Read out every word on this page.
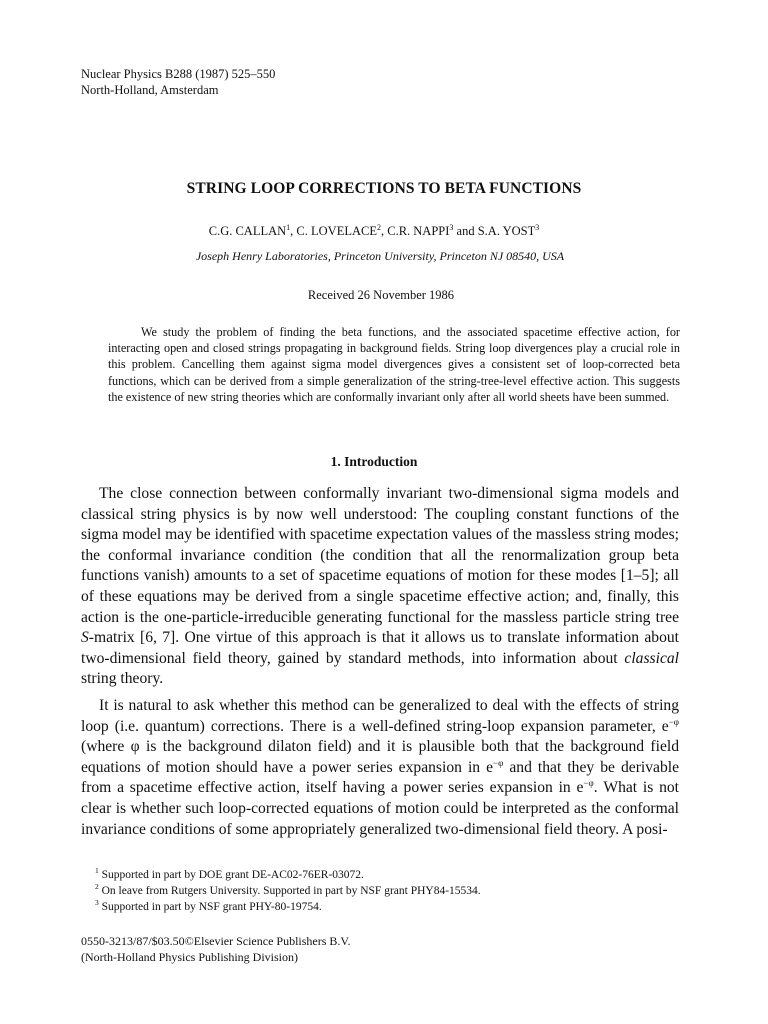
Nuclear Physics B288 (1987) 525–550
North-Holland, Amsterdam
STRING LOOP CORRECTIONS TO BETA FUNCTIONS
C.G. CALLAN$^1$, C. LOVELACE$^2$, C.R. NAPPI$^3$ and S.A. YOST$^3$
Joseph Henry Laboratories, Princeton University, Princeton NJ 08540, USA
Received 26 November 1986
We study the problem of finding the beta functions, and the associated spacetime effective action, for interacting open and closed strings propagating in background fields. String loop divergences play a crucial role in this problem. Cancelling them against sigma model divergences gives a consistent set of loop-corrected beta functions, which can be derived from a simple generalization of the string-tree-level effective action. This suggests the existence of new string theories which are conformally invariant only after all world sheets have been summed.
1. Introduction
The close connection between conformally invariant two-dimensional sigma models and classical string physics is by now well understood: The coupling constant functions of the sigma model may be identified with spacetime expectation values of the massless string modes; the conformal invariance condition (the condition that all the renormalization group beta functions vanish) amounts to a set of spacetime equations of motion for these modes [1–5]; all of these equations may be derived from a single spacetime effective action; and, finally, this action is the one-particle-irreducible generating functional for the massless particle string tree S-matrix [6, 7]. One virtue of this approach is that it allows us to translate information about two-dimensional field theory, gained by standard methods, into information about classical string theory.
It is natural to ask whether this method can be generalized to deal with the effects of string loop (i.e. quantum) corrections. There is a well-defined string-loop expansion parameter, $e^{-\varphi}$ (where φ is the background dilaton field) and it is plausible both that the background field equations of motion should have a power series expansion in $e^{-\varphi}$ and that they be derivable from a spacetime effective action, itself having a power series expansion in $e^{-\varphi}$. What is not clear is whether such loop-corrected equations of motion could be interpreted as the conformal invariance conditions of some appropriately generalized two-dimensional field theory. A posi-
$^1$ Supported in part by DOE grant DE-AC02-76ER-03072.
$^2$ On leave from Rutgers University. Supported in part by NSF grant PHY84-15534.
$^3$ Supported in part by NSF grant PHY-80-19754.
0550-3213/87/$03.50©Elsevier Science Publishers B.V.
(North-Holland Physics Publishing Division)
